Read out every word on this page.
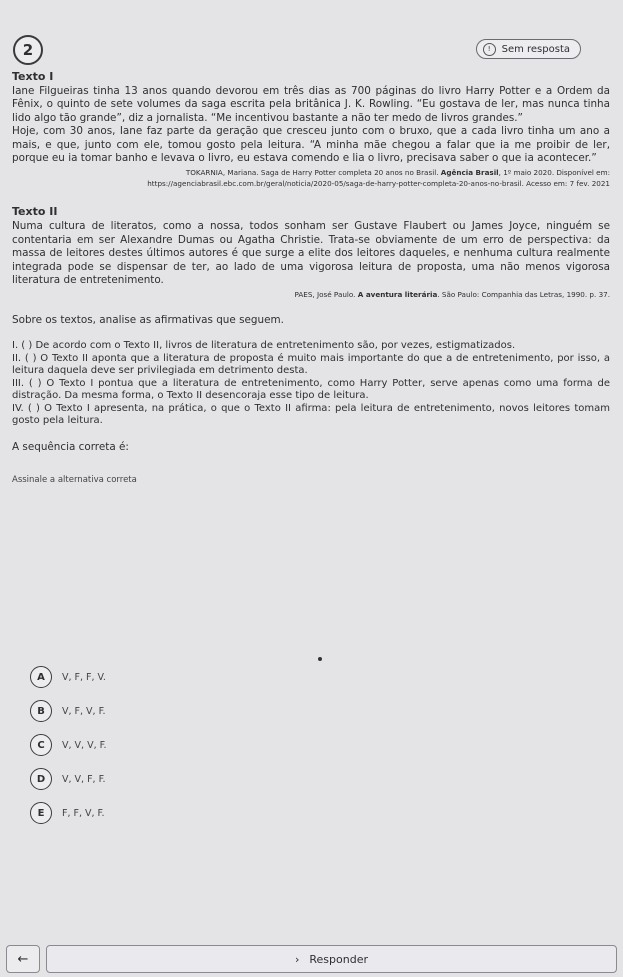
2	!	Sem resposta
Texto I

Iane Filgueiras tinha 13 anos quando devorou em três dias as 700 páginas do livro Harry Potter e a Ordem da Fênix, o quinto de sete volumes da saga escrita pela britânica J. K. Rowling. “Eu gostava de ler, mas nunca tinha lido algo tão grande”, diz a jornalista. “Me incentivou bastante a não ter medo de livros grandes.”

Hoje, com 30 anos, Iane faz parte da geração que cresceu junto com o bruxo, que a cada livro tinha um ano a mais, e que, junto com ele, tomou gosto pela leitura. “A minha mãe chegou a falar que ia me proibir de ler, porque eu ia tomar banho e levava o livro, eu estava comendo e lia o livro, precisava saber o que ia acontecer.”

TOKARNIA, Mariana. Saga de Harry Potter completa 20 anos no Brasil. Agência Brasil, 1º maio 2020. Disponível em: https://agenciabrasil.ebc.com.br/geral/noticia/2020-05/saga-de-harry-potter-completa-20-anos-no-brasil. Acesso em: 7 fev. 2021
Texto II

Numa cultura de literatos, como a nossa, todos sonham ser Gustave Flaubert ou James Joyce, ninguém se contentaria em ser Alexandre Dumas ou Agatha Christie. Trata-se obviamente de um erro de perspectiva: da massa de leitores destes últimos autores é que surge a elite dos leitores daqueles, e nenhuma cultura realmente integrada pode se dispensar de ter, ao lado de uma vigorosa leitura de proposta, uma não menos vigorosa literatura de entretenimento.

PAES, José Paulo. A aventura literária. São Paulo: Companhia das Letras, 1990. p. 37.
Sobre os textos, analise as afirmativas que seguem.
I. ( ) De acordo com o Texto II, livros de literatura de entretenimento são, por vezes, estigmatizados.
II. ( ) O Texto II aponta que a literatura de proposta é muito mais importante do que a de entretenimento, por isso, a leitura daquela deve ser privilegiada em detrimento desta.
III. ( ) O Texto I pontua que a literatura de entretenimento, como Harry Potter, serve apenas como uma forma de distração. Da mesma forma, o Texto II desencoraja esse tipo de leitura.
IV. ( ) O Texto I apresenta, na prática, o que o Texto II afirma: pela leitura de entretenimento, novos leitores tomam gosto pela leitura.
A sequência correta é:
Assinale a alternativa correta
A	V, F, F, V.
B	V, F, V, F.
C	V, V, V, F.
D	V, V, F, F.
E	F, F, V, F.
←	› Responder
